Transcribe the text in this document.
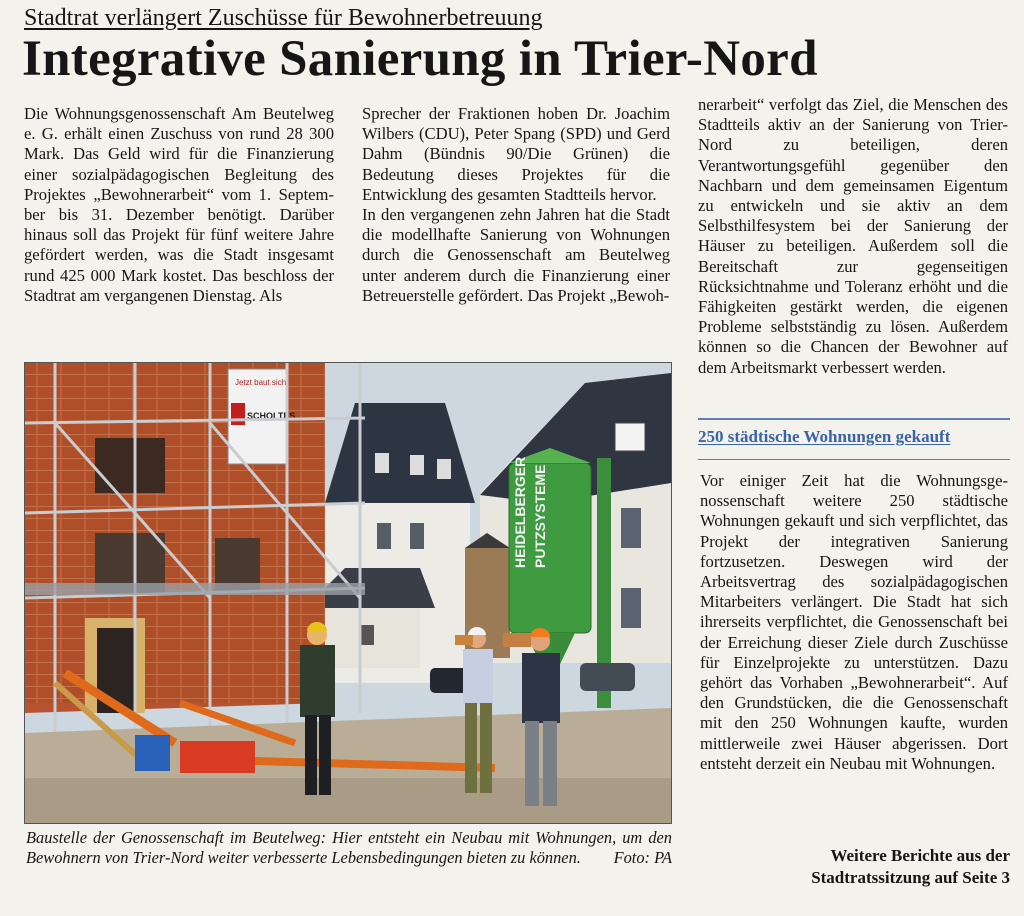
Stadtrat verlängert Zuschüsse für Bewohnerbetreuung
Integrative Sanierung in Trier-Nord

Die Wohnungsgenossenschaft Am Beutelweg e. G. erhält einen Zuschuss von rund 28 300 Mark. Das Geld wird für die Finanzierung einer sozialpädagogischen Begleitung des Projektes „Bewohnerarbeit“ vom 1. September bis 31. Dezember benötigt. Darüber hinaus soll das Projekt für fünf weitere Jahre gefördert werden, was die Stadt insgesamt rund 425 000 Mark kostet. Das beschloss der Stadtrat am vergangenen Dienstag. Als

Sprecher der Fraktionen hoben Dr. Joachim Wilbers (CDU), Peter Spang (SPD) und Gerd Dahm (Bündnis 90/Die Grünen) die Bedeutung dieses Projektes für die Entwicklung des gesamten Stadtteils hervor.

In den vergangenen zehn Jahren hat die Stadt die modellhafte Sanierung von Wohnungen durch die Genossenschaft am Beutelweg unter anderem durch die Finanzierung einer Betreuerstelle gefördert. Das Projekt „Bewoh-

nerarbeit“ verfolgt das Ziel, die Menschen des Stadtteils aktiv an der Sanierung von Trier-Nord zu beteiligen, deren Verantwortungsgefühl gegenüber den Nachbarn und dem gemeinsamen Eigentum zu entwickeln und sie aktiv an dem Selbsthilfesystem bei der Sanierung der Häuser zu beteiligen. Außerdem soll die Bereitschaft zur gegenseitigen Rücksichtnahme und Toleranz erhöht und die Fähigkeiten gestärkt werden, die eigenen Probleme selbstständig zu lösen. Außerdem können so die Chancen der Bewohner auf dem Arbeitsmarkt verbessert werden.

250 städtische Wohnungen gekauft

Vor einiger Zeit hat die Wohnungsgenossenschaft weitere 250 städtische Wohnungen gekauft und sich verpflichtet, das Projekt der integrativen Sanierung fortzusetzen. Deswegen wird der Arbeitsvertrag des sozialpädagogischen Mitarbeiters verlängert. Die Stadt hat sich ihrerseits verpflichtet, die Genossenschaft bei der Erreichung dieser Ziele durch Zuschüsse für Einzelprojekte zu unterstützen. Dazu gehört das Vorhaben „Bewohnerarbeit“. Auf den Grundstücken, die die Genossenschaft mit den 250 Wohnungen kaufte, wurden mittlerweile zwei Häuser abgerissen. Dort entsteht derzeit ein Neubau mit Wohnungen.

HEIDELBERGER PUTZSYSTEME
SCHOLTES
Jetzt baut sich
Baustelle der Genossenschaft im Beutelweg: Hier entsteht ein Neubau mit Wohnungen, um den Bewohnern von Trier-Nord weiter verbesserte Lebensbedingungen bieten zu können.	Foto: PA	Weitere Berichte aus der
Stadtratssitzung auf Seite 3
